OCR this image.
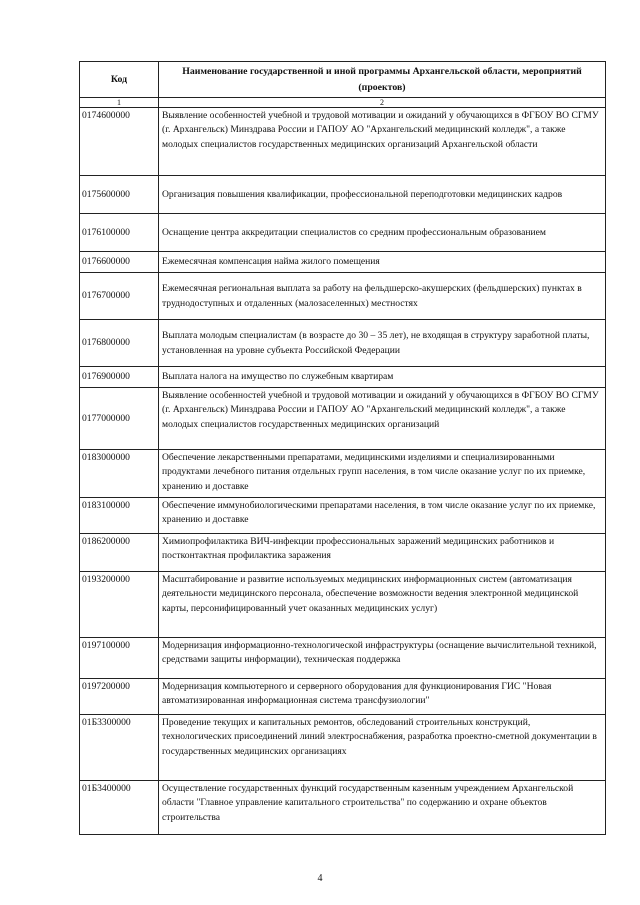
Код	Наименование государственной и иной программы Архангельской области, мероприятий (проектов)
1	2
0174600000	Выявление особенностей учебной и трудовой мотивации и ожиданий у обучающихся в ФГБОУ ВО СГМУ (г. Архангельск) Минздрава России и ГАПОУ АО "Архангельский медицинский колледж", а также молодых специалистов государственных медицинских организаций Архангельской области
0175600000	Организация повышения квалификации, профессиональной переподготовки медицинских кадров
0176100000	Оснащение центра аккредитации специалистов со средним профессиональным образованием
0176600000	Ежемесячная компенсация найма жилого помещения
0176700000	Ежемесячная региональная выплата за работу на фельдшерско-акушерских (фельдшерских) пунктах в труднодоступных и отдаленных (малозаселенных) местностях
0176800000	Выплата молодым специалистам (в возрасте до 30 – 35 лет), не входящая в структуру заработной платы, установленная на уровне субъекта Российской Федерации
0176900000	Выплата налога на имущество по служебным квартирам
0177000000	Выявление особенностей учебной и трудовой мотивации и ожиданий у обучающихся в ФГБОУ ВО СГМУ (г. Архангельск) Минздрава России и ГАПОУ АО "Архангельский медицинский колледж", а также молодых специалистов государственных медицинских организаций
0183000000	Обеспечение лекарственными препаратами, медицинскими изделиями и специализированными продуктами лечебного питания отдельных групп населения, в том числе оказание услуг по их приемке, хранению и доставке
0183100000	Обеспечение иммунобиологическими препаратами населения, в том числе оказание услуг по их приемке, хранению и доставке
0186200000	Химиопрофилактика ВИЧ-инфекции профессиональных заражений медицинских работников и постконтактная профилактика заражения
0193200000	Масштабирование и развитие используемых медицинских информационных систем (автоматизация деятельности медицинского персонала, обеспечение возможности ведения электронной медицинской карты, персонифицированный учет оказанных медицинских услуг)
0197100000	Модернизация информационно-технологической инфраструктуры (оснащение вычислительной техникой, средствами защиты информации), техническая поддержка
0197200000	Модернизация компьютерного и серверного оборудования для функционирования ГИС "Новая автоматизированная информационная система трансфузиологии"
01Б3300000	Проведение текущих и капитальных ремонтов, обследований строительных конструкций, технологических присоединений линий электроснабжения, разработка проектно-сметной документации в государственных медицинских организациях
01Б3400000	Осуществление государственных функций государственным казенным учреждением Архангельской области "Главное управление капитального строительства" по содержанию и охране объектов строительства
4
